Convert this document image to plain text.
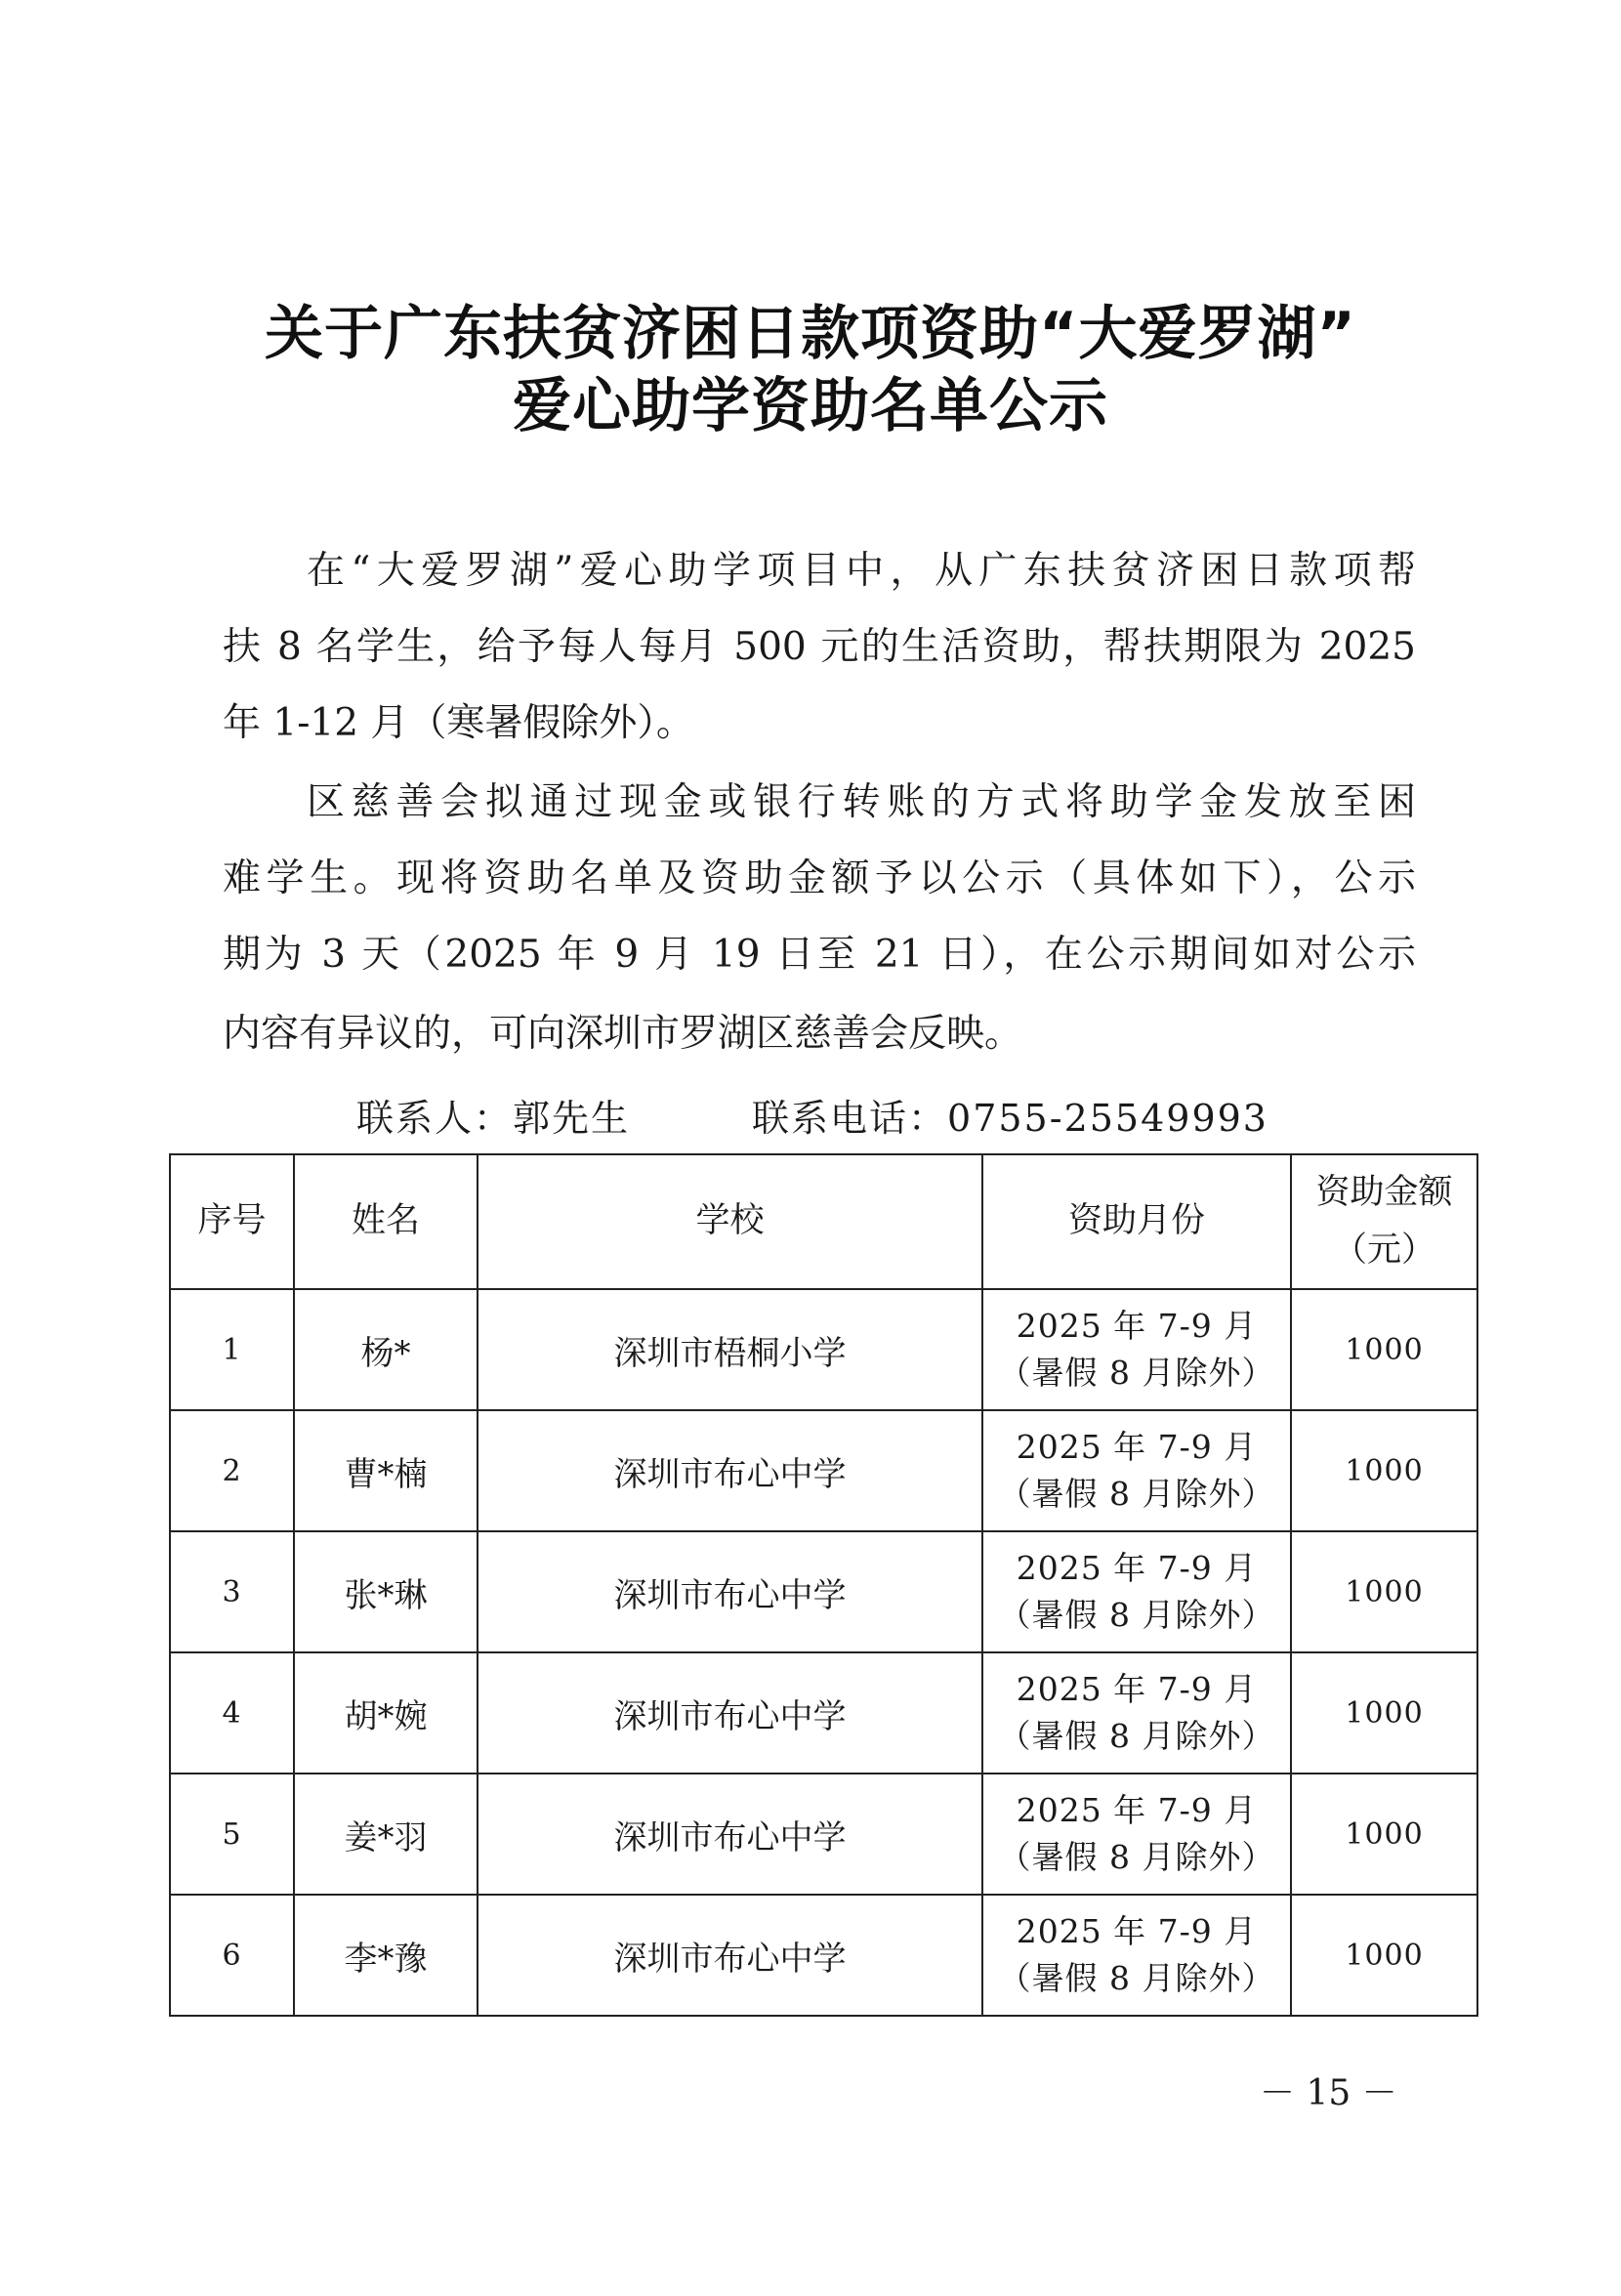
关于广东扶贫济困日款项资助“大爱罗湖”
爱心助学资助名单公示
在“大爱罗湖”爱心助学项目中，从广东扶贫济困日款项帮
扶 8 名学生，给予每人每月 500 元的生活资助，帮扶期限为 2025
年 1-12 月（寒暑假除外）。
区慈善会拟通过现金或银行转账的方式将助学金发放至困
难学生。现将资助名单及资助金额予以公示（具体如下），公示
期为 3 天（2025 年 9 月 19 日至 21 日），在公示期间如对公示
内容有异议的，可向深圳市罗湖区慈善会反映。
联系人：郭先生	联系电话：0755-25549993
序号	姓名	学校	资助月份	资助金额
（元）

1	杨*	深圳市梧桐小学	2025 年 7-9 月
（暑假 8 月除外）	1000
2	曹*楠	深圳市布心中学	2025 年 7-9 月
（暑假 8 月除外）	1000
3	张*琳	深圳市布心中学	2025 年 7-9 月
（暑假 8 月除外）	1000
4	胡*婉	深圳市布心中学	2025 年 7-9 月
（暑假 8 月除外）	1000
5	姜*羽	深圳市布心中学	2025 年 7-9 月
（暑假 8 月除外）	1000
6	李*豫	深圳市布心中学	2025 年 7-9 月
（暑假 8 月除外）	1000
－ 15 －
